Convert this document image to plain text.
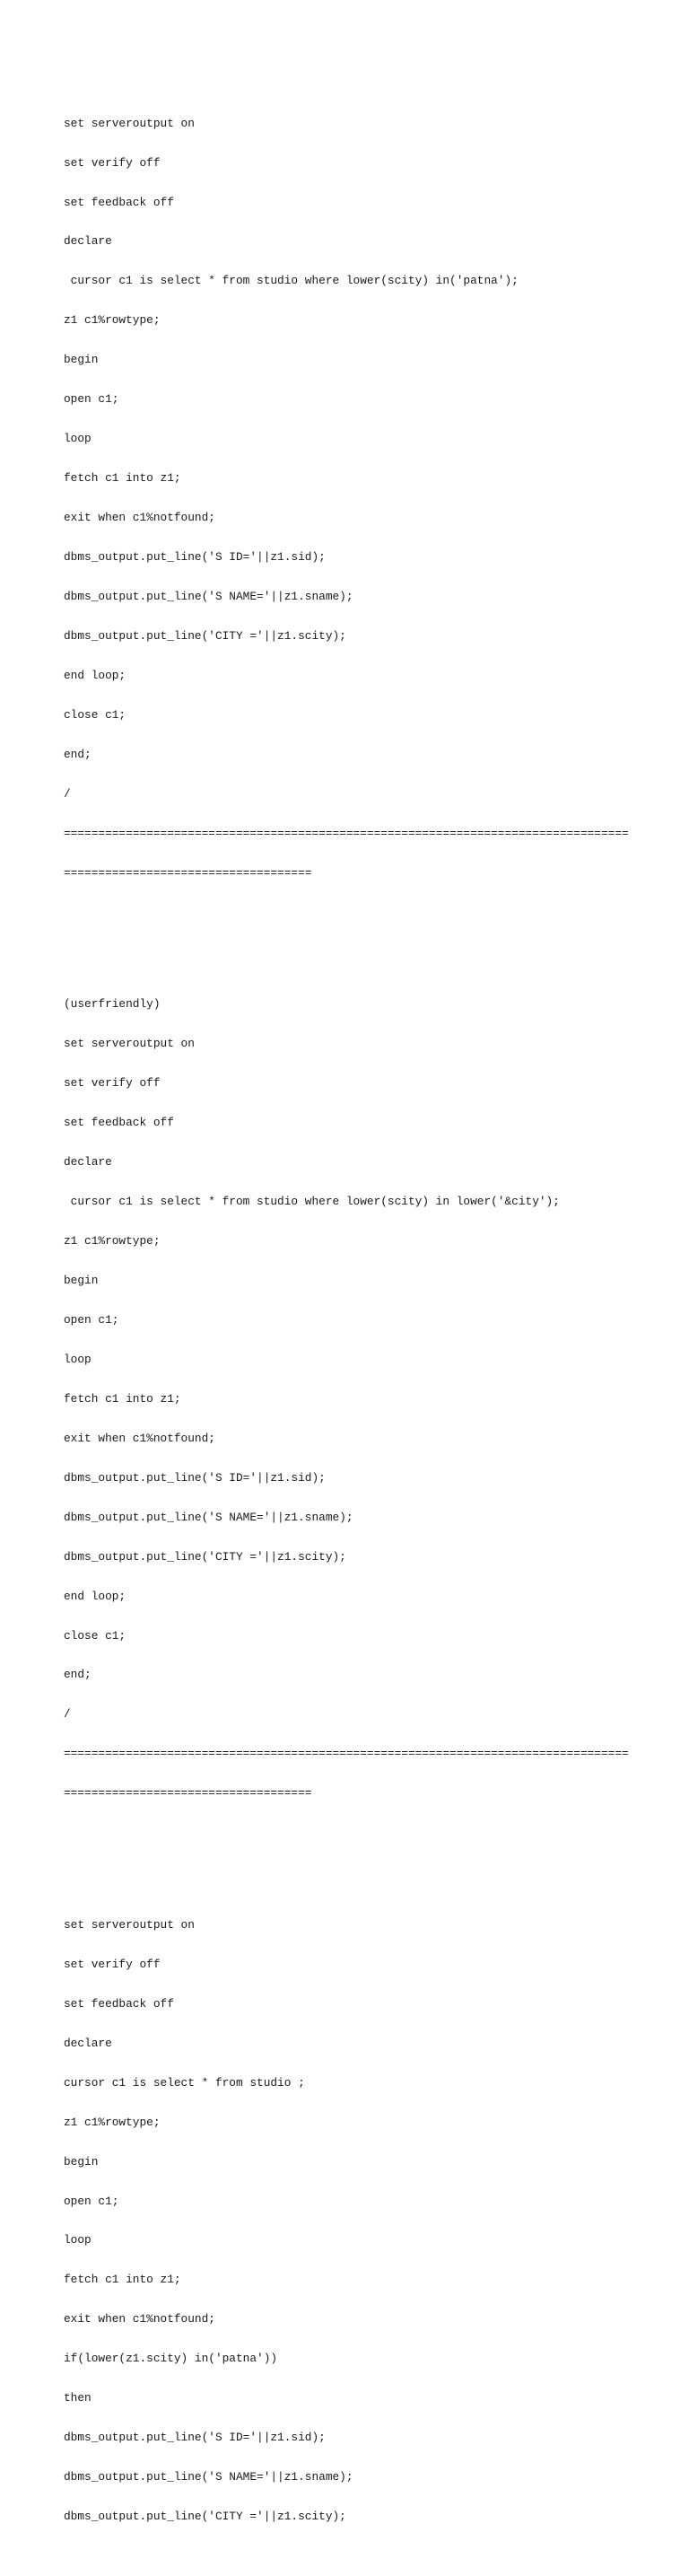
set serveroutput on

set verify off

set feedback off

declare

cursor c1 is select * from studio where lower(scity) in('patna');

z1 c1%rowtype;

begin

open c1;

loop

fetch c1 into z1;

exit when c1%notfound;

dbms_output.put_line('S ID='||z1.sid);

dbms_output.put_line('S NAME='||z1.sname);

dbms_output.put_line('CITY ='||z1.scity);

end loop;

close c1;

end;

/

==================================================================================

====================================

(userfriendly)

set serveroutput on

set verify off

set feedback off

declare

cursor c1 is select * from studio where lower(scity) in lower('&city');

z1 c1%rowtype;

begin

open c1;

loop

fetch c1 into z1;

exit when c1%notfound;

dbms_output.put_line('S ID='||z1.sid);

dbms_output.put_line('S NAME='||z1.sname);

dbms_output.put_line('CITY ='||z1.scity);

end loop;

close c1;

end;

/

==================================================================================

====================================

set serveroutput on

set verify off

set feedback off

declare

cursor c1 is select * from studio ;

z1 c1%rowtype;

begin

open c1;

loop

fetch c1 into z1;

exit when c1%notfound;

if(lower(z1.scity) in('patna'))

then

dbms_output.put_line('S ID='||z1.sid);

dbms_output.put_line('S NAME='||z1.sname);

dbms_output.put_line('CITY ='||z1.scity);
